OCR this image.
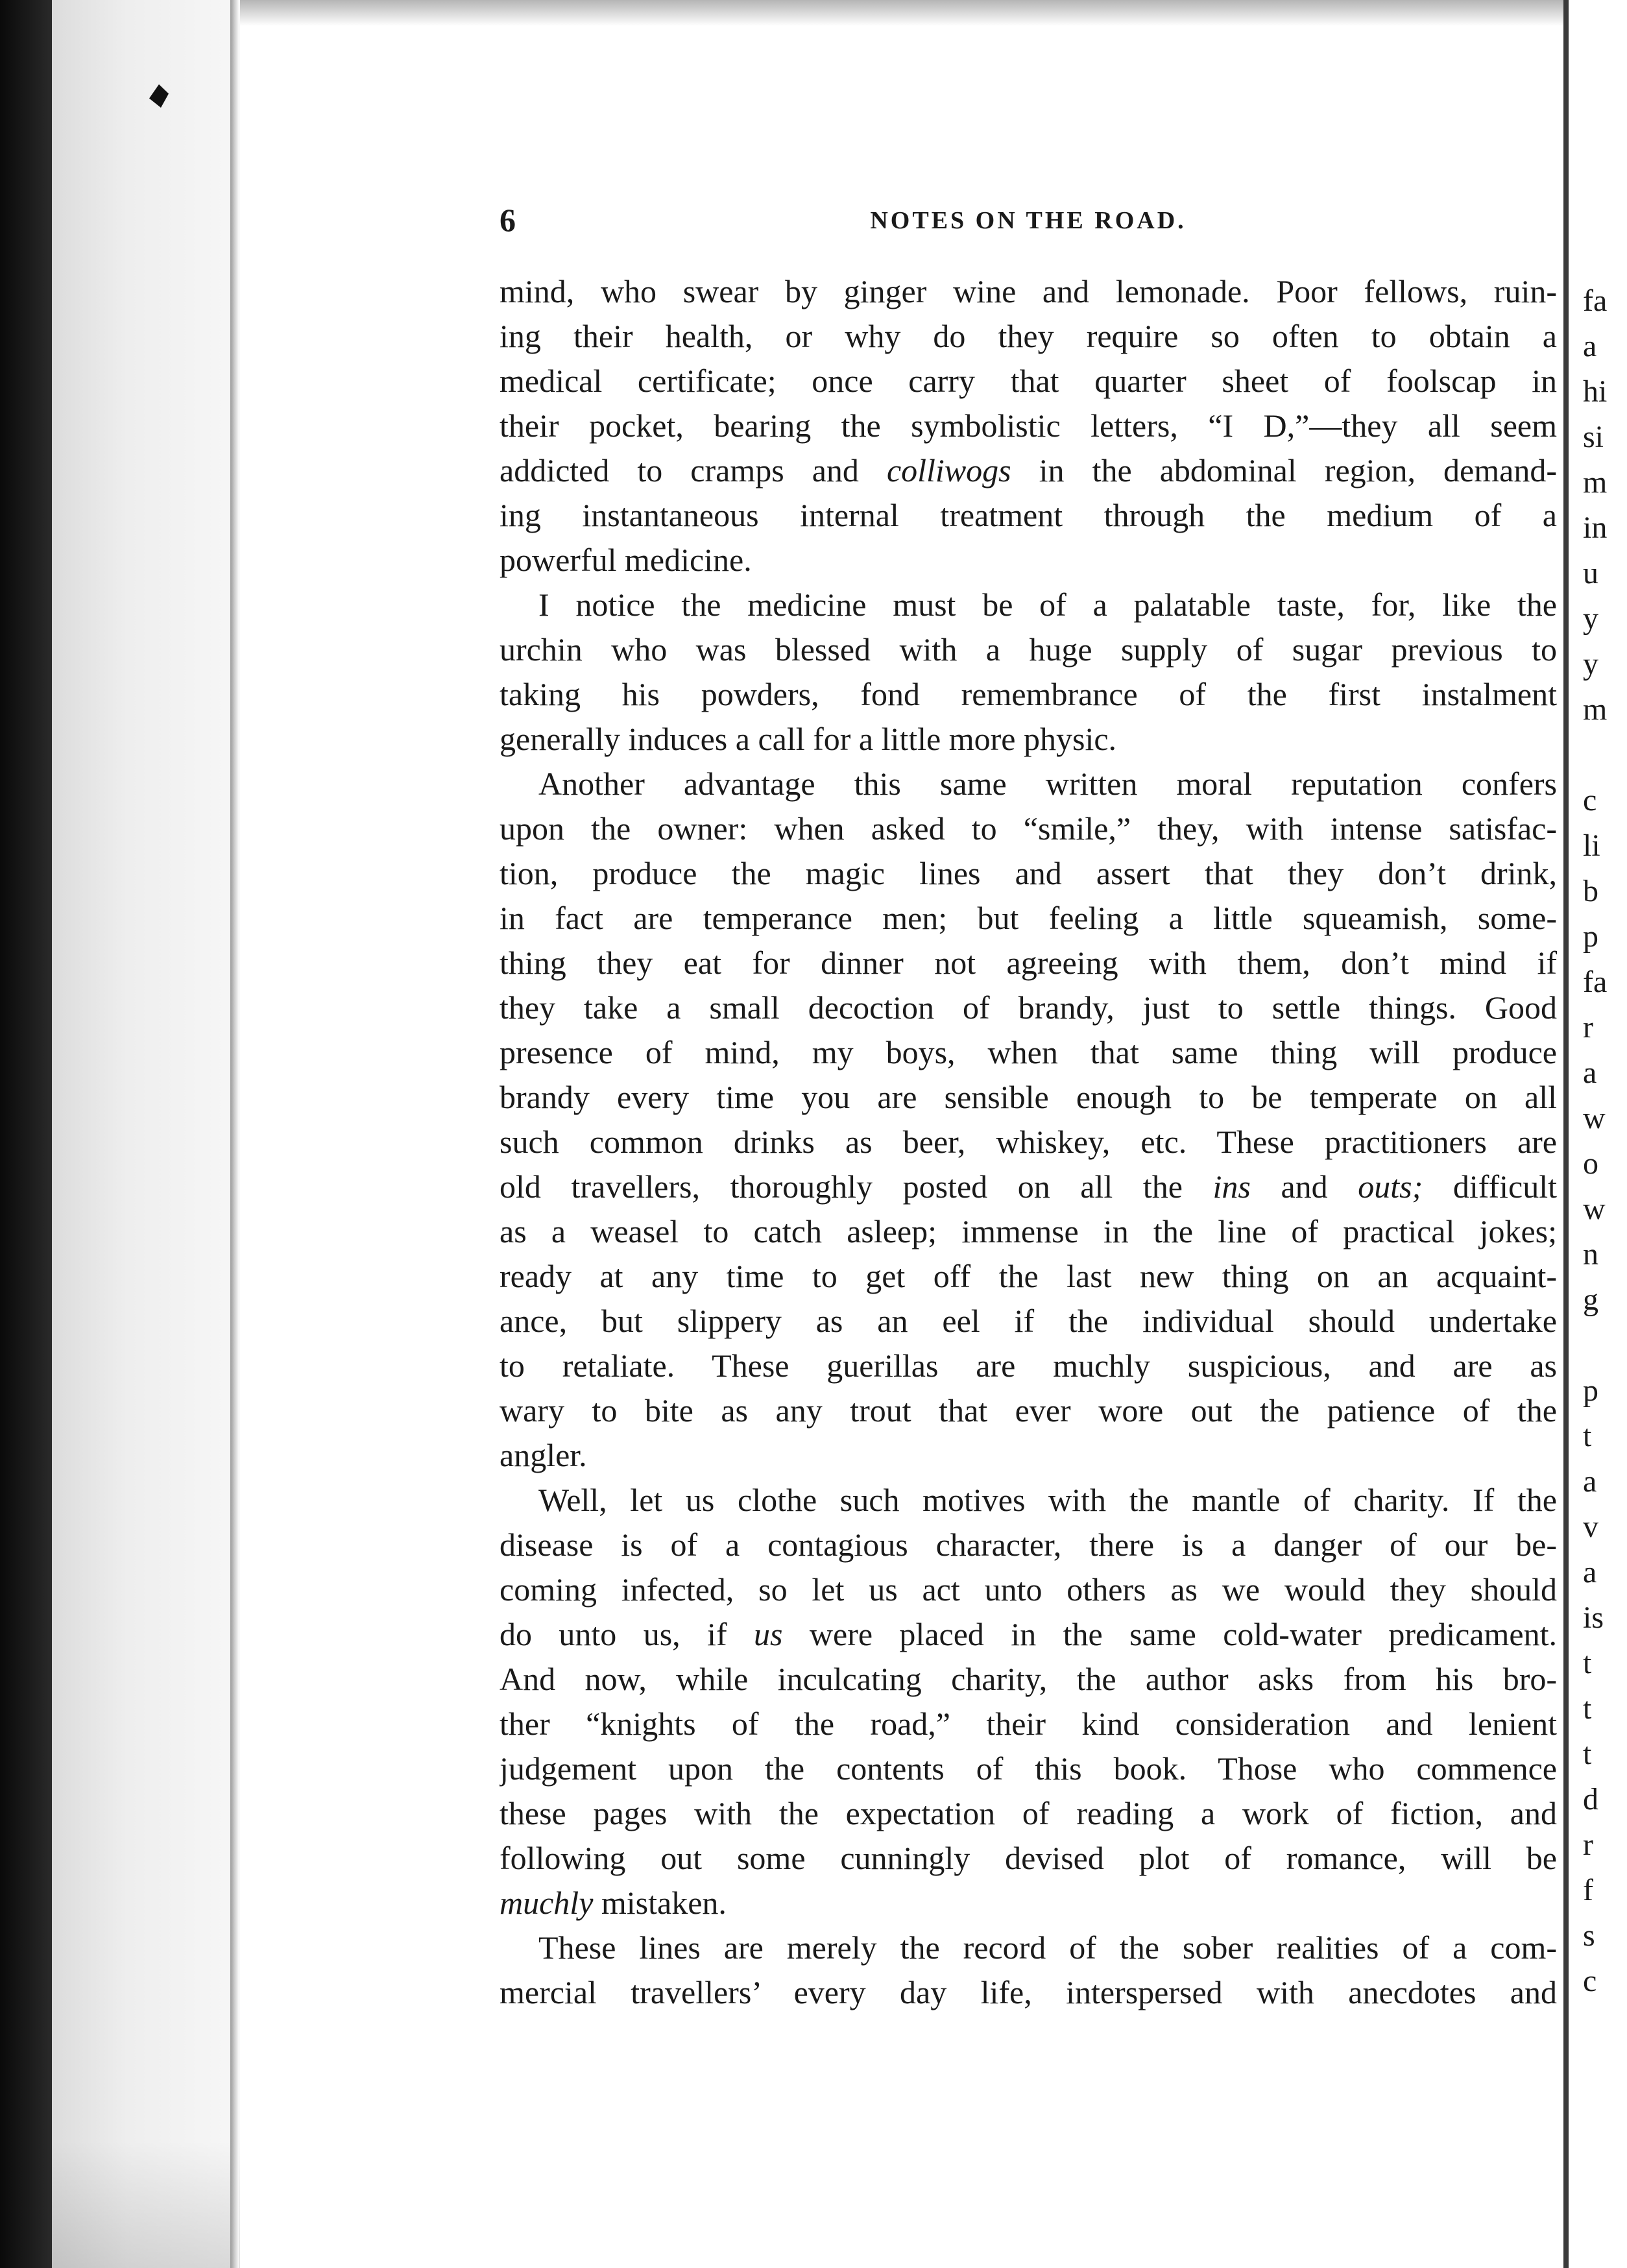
6	NOTES ON THE ROAD.
mind, who swear by ginger wine and lemonade. Poor fellows, ruin-
ing their health, or why do they require so often to obtain a
medical certificate; once carry that quarter sheet of foolscap in
their pocket, bearing the symbolistic letters, “I D,”—they all seem
addicted to cramps and colliwogs in the abdominal region, demand-
ing instantaneous internal treatment through the medium of a
powerful medicine.
I notice the medicine must be of a palatable taste, for, like the
urchin who was blessed with a huge supply of sugar previous to
taking his powders, fond remembrance of the first instalment
generally induces a call for a little more physic.
Another advantage this same written moral reputation confers
upon the owner: when asked to “smile,” they, with intense satisfac-
tion, produce the magic lines and assert that they don’t drink,
in fact are temperance men; but feeling a little squeamish, some-
thing they eat for dinner not agreeing with them, don’t mind if
they take a small decoction of brandy, just to settle things. Good
presence of mind, my boys, when that same thing will produce
brandy every time you are sensible enough to be temperate on all
such common drinks as beer, whiskey, etc. These practitioners are
old travellers, thoroughly posted on all the ins and outs; difficult
as a weasel to catch asleep; immense in the line of practical jokes;
ready at any time to get off the last new thing on an acquaint-
ance, but slippery as an eel if the individual should undertake
to retaliate. These guerillas are muchly suspicious, and are as
wary to bite as any trout that ever wore out the patience of the
angler.
Well, let us clothe such motives with the mantle of charity. If the
disease is of a contagious character, there is a danger of our be-
coming infected, so let us act unto others as we would they should
do unto us, if us were placed in the same cold-water predicament.
And now, while inculcating charity, the author asks from his bro-
ther “knights of the road,” their kind consideration and lenient
judgement upon the contents of this book. Those who commence
these pages with the expectation of reading a work of fiction, and
following out some cunningly devised plot of romance, will be
muchly mistaken.
These lines are merely the record of the sober realities of a com-
mercial travellers’ every day life, interspersed with anecdotes and
fa
a
hi
si
m
in
u
y
y
m
c
li
b
p
fa
r
a
w
o
w
n
g
p
t
a
v
a
is
t
t
t
d
r
f
s
c
